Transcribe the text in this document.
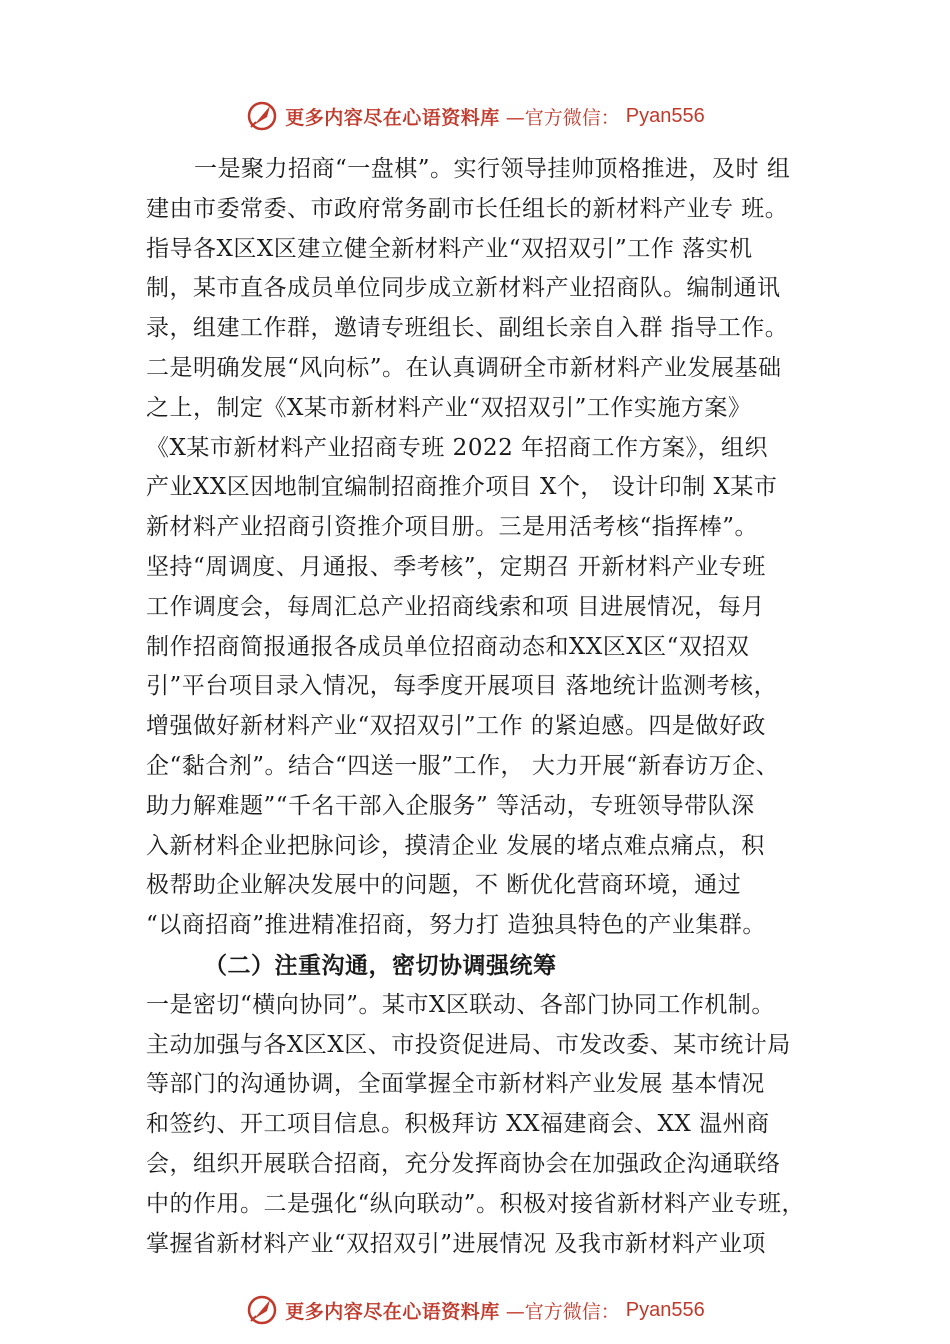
更多内容尽在心语资料库 —官方微信： Pyan556
一是聚力招商“一盘棋”。实行领导挂帅顶格推进，及时 组
建由市委常委、市政府常务副市长任组长的新材料产业专 班。
指导各X区X区建立健全新材料产业“双招双引”工作 落实机
制，某市直各成员单位同步成立新材料产业招商队。编制通讯
录，组建工作群，邀请专班组长、副组长亲自入群 指导工作。
二是明确发展“风向标”。在认真调研全市新材料产业发展基础
之上，制定《X某市新材料产业“双招双引”工作实施方案》
《X某市新材料产业招商专班 2022 年招商工作方案》，组织
产业XX区因地制宜编制招商推介项目 X个， 设计印制 X某市
新材料产业招商引资推介项目册。三是用活考核“指挥棒”。
坚持“周调度、月通报、季考核”，定期召 开新材料产业专班
工作调度会，每周汇总产业招商线索和项 目进展情况，每月
制作招商简报通报各成员单位招商动态和XX区X区“双招双
引”平台项目录入情况，每季度开展项目 落地统计监测考核，
增强做好新材料产业“双招双引”工作 的紧迫感。四是做好政
企“黏合剂”。结合“四送一服”工作， 大力开展“新春访万企、
助力解难题”“千名干部入企服务” 等活动，专班领导带队深
入新材料企业把脉问诊，摸清企业 发展的堵点难点痛点，积
极帮助企业解决发展中的问题，不 断优化营商环境，通过
“以商招商”推进精准招商，努力打 造独具特色的产业集群。
（二）注重沟通，密切协调强统筹
一是密切“横向协同”。某市X区联动、各部门协同工作机制。
主动加强与各X区X区、市投资促进局、市发改委、某市统计局
等部门的沟通协调，全面掌握全市新材料产业发展 基本情况
和签约、开工项目信息。积极拜访 XX福建商会、XX 温州商
会，组织开展联合招商，充分发挥商协会在加强政企沟通联络
中的作用。二是强化“纵向联动”。积极对接省新材料产业专班，
掌握省新材料产业“双招双引”进展情况 及我市新材料产业项
更多内容尽在心语资料库 —官方微信： Pyan556
